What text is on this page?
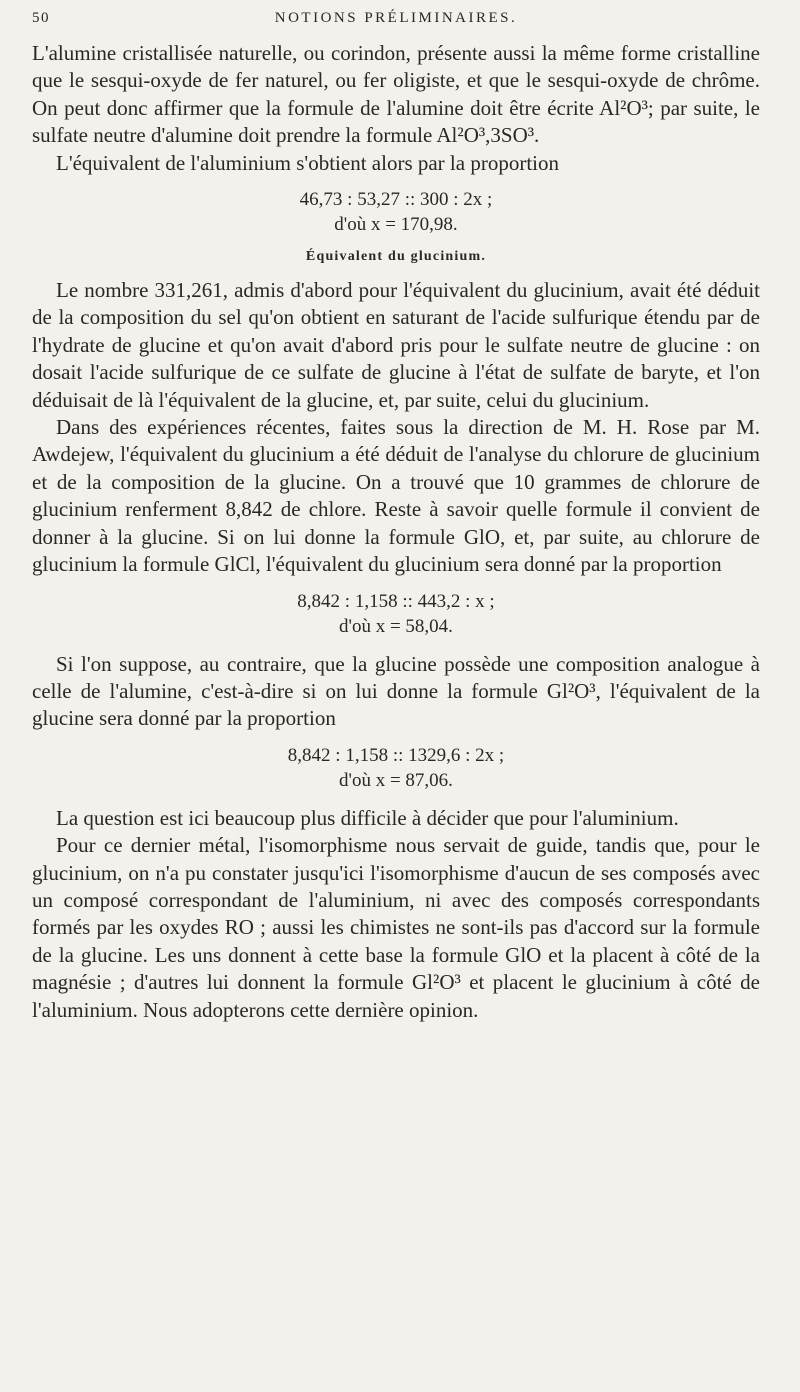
50	NOTIONS PRÉLIMINAIRES.

L'alumine cristallisée naturelle, ou corindon, présente aussi la même forme cristalline que le sesqui-oxyde de fer naturel, ou fer oligiste, et que le sesqui-oxyde de chrôme. On peut donc affirmer que la formule de l'alumine doit être écrite Al²O³; par suite, le sulfate neutre d'alumine doit prendre la formule Al²O³,3SO³.

L'équivalent de l'aluminium s'obtient alors par la proportion

46,73 : 53,27 :: 300 : 2x ;

d'où x = 170,98.

Équivalent du glucinium.

Le nombre 331,261, admis d'abord pour l'équivalent du glucinium, avait été déduit de la composition du sel qu'on obtient en saturant de l'acide sulfurique étendu par de l'hydrate de glucine et qu'on avait d'abord pris pour le sulfate neutre de glucine : on dosait l'acide sulfurique de ce sulfate de glucine à l'état de sulfate de baryte, et l'on déduisait de là l'équivalent de la glucine, et, par suite, celui du glucinium.

Dans des expériences récentes, faites sous la direction de M. H. Rose par M. Awdejew, l'équivalent du glucinium a été déduit de l'analyse du chlorure de glucinium et de la composition de la glucine. On a trouvé que 10 grammes de chlorure de glucinium renferment 8,842 de chlore. Reste à savoir quelle formule il convient de donner à la glucine. Si on lui donne la formule GlO, et, par suite, au chlorure de glucinium la formule GlCl, l'équivalent du glucinium sera donné par la proportion

8,842 : 1,158 :: 443,2 : x ;

d'où x = 58,04.

Si l'on suppose, au contraire, que la glucine possède une composition analogue à celle de l'alumine, c'est-à-dire si on lui donne la formule Gl²O³, l'équivalent de la glucine sera donné par la proportion

8,842 : 1,158 :: 1329,6 : 2x ;

d'où x = 87,06.

La question est ici beaucoup plus difficile à décider que pour l'aluminium.

Pour ce dernier métal, l'isomorphisme nous servait de guide, tandis que, pour le glucinium, on n'a pu constater jusqu'ici l'isomorphisme d'aucun de ses composés avec un composé correspondant de l'aluminium, ni avec des composés correspondants formés par les oxydes RO ; aussi les chimistes ne sont-ils pas d'accord sur la formule de la glucine. Les uns donnent à cette base la formule GlO et la placent à côté de la magnésie ; d'autres lui donnent la formule Gl²O³ et placent le glucinium à côté de l'aluminium. Nous adopterons cette dernière opinion.
